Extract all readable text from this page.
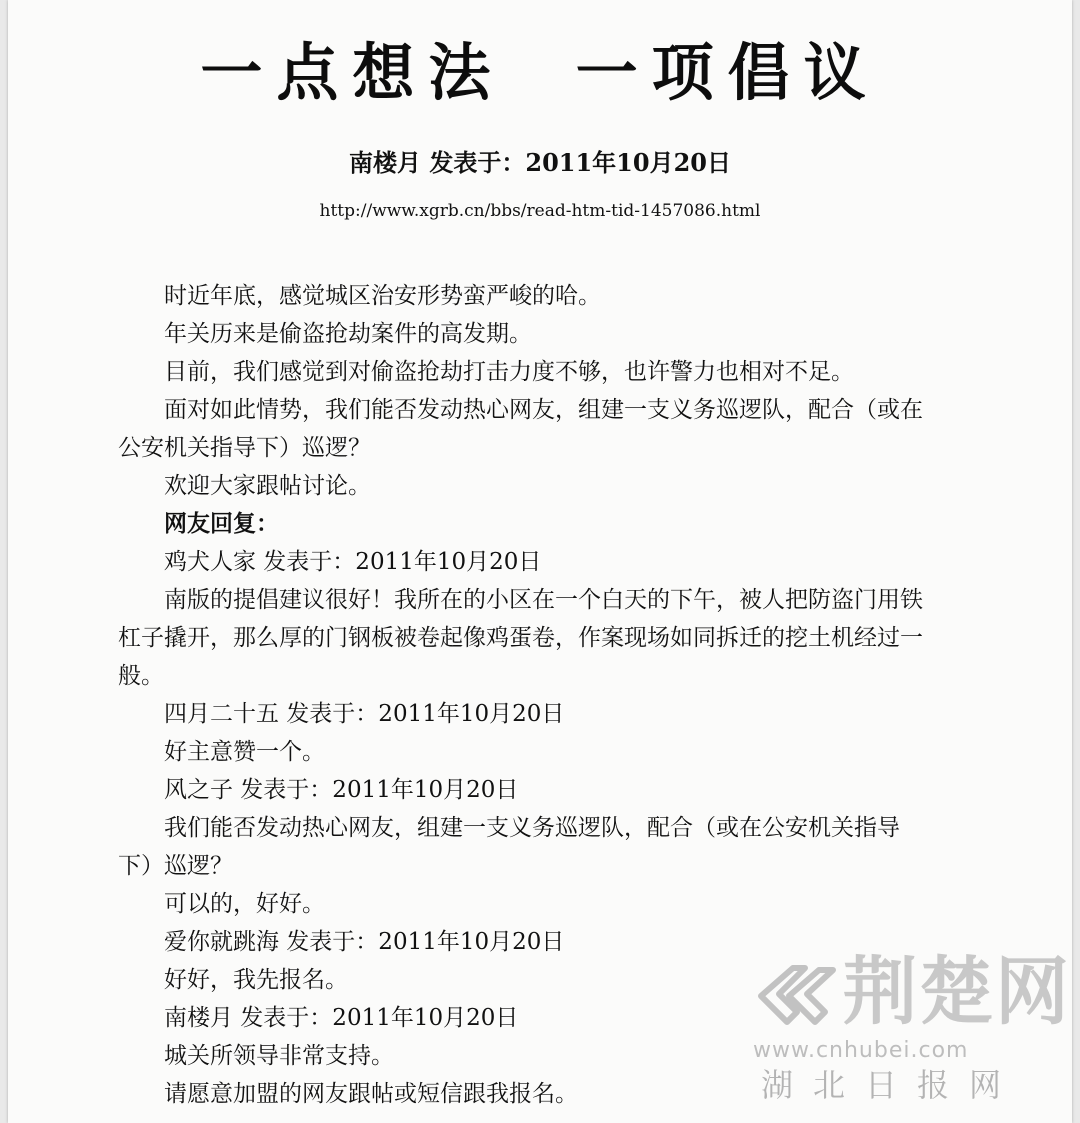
一点想法  一项倡议
南楼月 发表于：2011年10月20日
http://www.xgrb.cn/bbs/read-htm-tid-1457086.html

时近年底，感觉城区治安形势蛮严峻的哈。

年关历来是偷盗抢劫案件的高发期。

目前，我们感觉到对偷盗抢劫打击力度不够，也许警力也相对不足。

面对如此情势，我们能否发动热心网友，组建一支义务巡逻队，配合（或在公安机关指导下）巡逻？

欢迎大家跟帖讨论。

网友回复：

鸡犬人家 发表于：2011年10月20日

南版的提倡建议很好！我所在的小区在一个白天的下午，被人把防盗门用铁杠子撬开，那么厚的门钢板被卷起像鸡蛋卷，作案现场如同拆迁的挖土机经过一般。

四月二十五 发表于：2011年10月20日

好主意赞一个。

风之子 发表于：2011年10月20日

我们能否发动热心网友，组建一支义务巡逻队，配合（或在公安机关指导下）巡逻？

可以的，好好。

爱你就跳海 发表于：2011年10月20日

好好，我先报名。

南楼月 发表于：2011年10月20日

城关所领导非常支持。

请愿意加盟的网友跟帖或短信跟我报名。

荆楚网
www.cnhubei.com
湖北日报网
